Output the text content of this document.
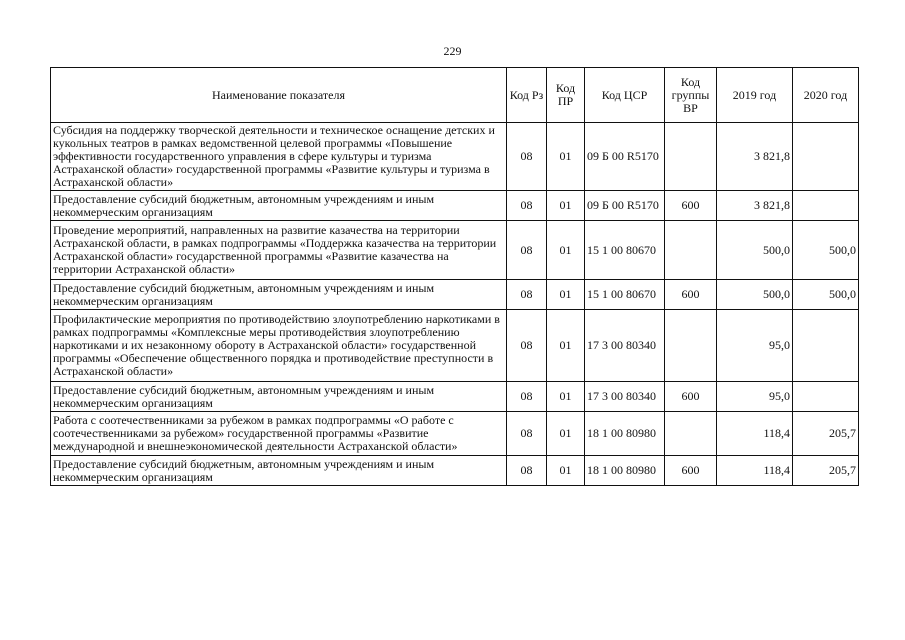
229
Наименование показателя	Код Рз	Код ПР	Код ЦСР	Код группы ВР	2019 год	2020 год
Субсидия на поддержку творческой деятельности и техническое оснащение детских и кукольных театров в рамках ведомственной целевой программы «Повышение эффективности государственного управления в сфере культуры и туризма Астраханской области» государственной программы «Развитие культуры и туризма в Астраханской области»	08	01	09 Б 00 R5170		3 821,8	
Предоставление субсидий бюджетным, автономным учреждениям и иным некоммерческим организациям	08	01	09 Б 00 R5170	600	3 821,8	
Проведение мероприятий, направленных на развитие казачества на территории Астраханской области, в рамках подпрограммы «Поддержка казачества на территории Астраханской области» государственной программы «Развитие казачества на территории Астраханской области»	08	01	15 1 00 80670		500,0	500,0
Предоставление субсидий бюджетным, автономным учреждениям и иным некоммерческим организациям	08	01	15 1 00 80670	600	500,0	500,0
Профилактические мероприятия по противодействию злоупотреблению наркотиками в рамках подпрограммы «Комплексные меры противодействия злоупотреблению наркотиками и их незаконному обороту в Астраханской области» государственной программы «Обеспечение общественного порядка и противодействие преступности в Астраханской области»	08	01	17 3 00 80340		95,0	
Предоставление субсидий бюджетным, автономным учреждениям и иным некоммерческим организациям	08	01	17 3 00 80340	600	95,0	
Работа с соотечественниками за рубежом в рамках подпрограммы «О работе с соотечественниками за рубежом» государственной программы «Развитие международной и внешнеэкономической деятельности Астраханской области»	08	01	18 1 00 80980		118,4	205,7
Предоставление субсидий бюджетным, автономным учреждениям и иным некоммерческим организациям	08	01	18 1 00 80980	600	118,4	205,7
